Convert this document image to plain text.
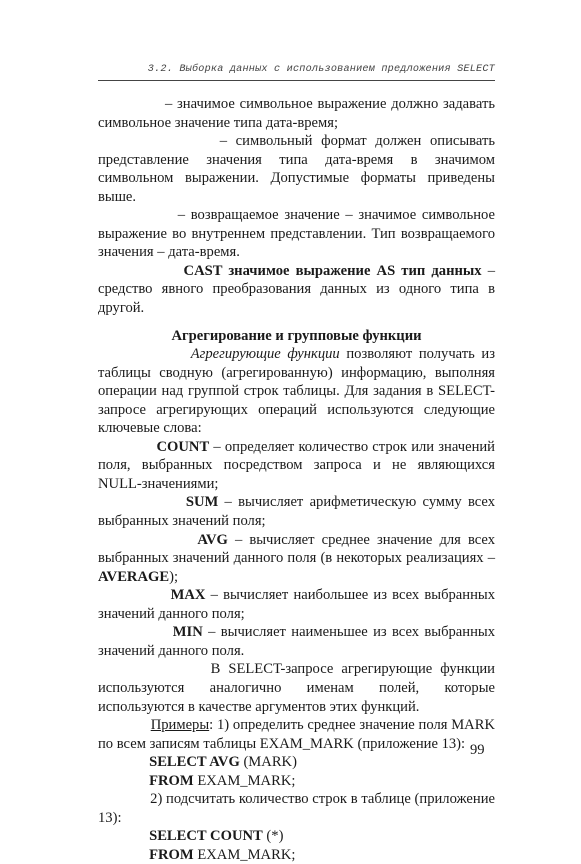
3.2. Выборка данных с использованием предложения SELECT

– значимое символьное выражение должно задавать символьное значение типа дата-время;

– символьный формат должен описывать представление значения типа дата-время в значимом символьном выражении. Допустимые форматы приведены выше.

– возвращаемое значение – значимое символьное выражение во внутреннем представлении. Тип возвращаемого значения – дата-время.

CAST значимое выражение AS тип данных – средство явного преобразования данных из одного типа в другой.

Агрегирование и групповые функции

Агрегирующие функции позволяют получать из таблицы сводную (агрегированную) информацию, выполняя операции над группой строк таблицы. Для задания в SELECT-запросе агрегирующих операций используются следующие ключевые слова:

COUNT – определяет количество строк или значений поля, выбранных посредством запроса и не являющихся NULL-значениями;

SUM – вычисляет арифметическую сумму всех выбранных значений поля;

AVG – вычисляет среднее значение для всех выбранных значений данного поля (в некоторых реализациях – AVERAGE);

MAX – вычисляет наибольшее из всех выбранных значений данного поля;

MIN – вычисляет наименьшее из всех выбранных значений данного поля.

В SELECT-запросе агрегирующие функции используются аналогично именам полей, которые используются в качестве аргументов этих функций.

Примеры: 1) определить среднее значение поля MARK по всем записям таблицы EXAM_MARK (приложение 13):

SELECT AVG (MARK)

FROM EXAM_MARK;

2) подсчитать количество строк в таблице (приложение 13):

SELECT COUNT (*)

FROM EXAM_MARK;

99
